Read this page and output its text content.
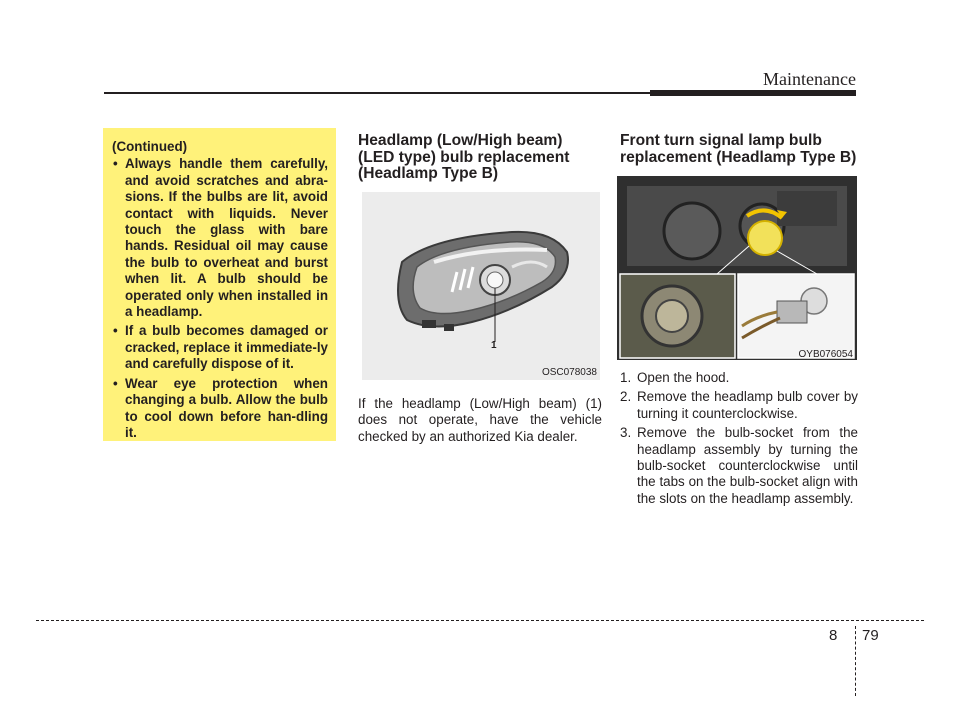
Maintenance
(Continued)
• Always handle them carefully, and avoid scratches and abra-sions. If the bulbs are lit, avoid contact with liquids. Never touch the glass with bare hands. Residual oil may cause the bulb to overheat and burst when lit. A bulb should be operated only when installed in a headlamp.
• If a bulb becomes damaged or cracked, replace it immediate-ly and carefully dispose of it.
• Wear eye protection when changing a bulb. Allow the bulb to cool down before han-dling it.
Headlamp (Low/High beam) (LED type) bulb replacement (Headlamp Type B)
1
OSC078038
If the headlamp (Low/High beam) (1) does not operate, have the vehicle checked by an authorized Kia dealer.
Front turn signal lamp bulb replacement (Headlamp Type B)
OYB076054
1. Open the hood.
2. Remove the headlamp bulb cover by turning it counterclockwise.
3. Remove the bulb-socket from the headlamp assembly by turning the bulb-socket counterclockwise until the tabs on the bulb-socket align with the slots on the headlamp assembly.
8 79
